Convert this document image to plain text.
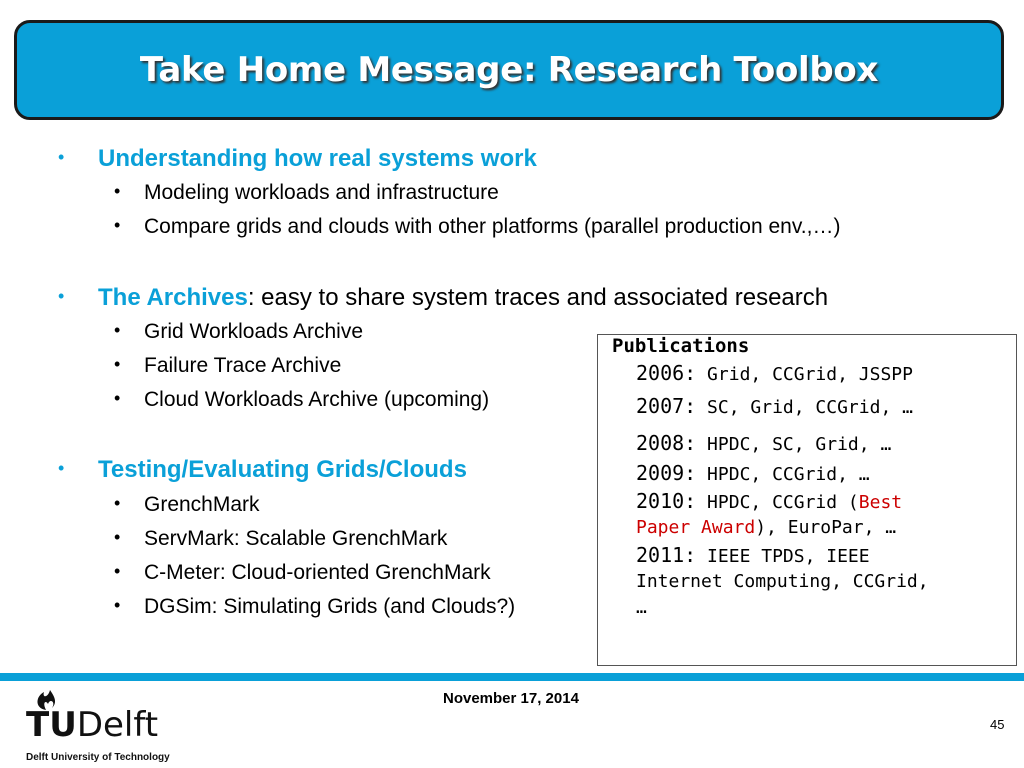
Take Home Message: Research Toolbox
• Understanding how real systems work
• Modeling workloads and infrastructure
• Compare grids and clouds with other platforms (parallel production env.,…)
• The Archives: easy to share system traces and associated research
• Grid Workloads Archive
• Failure Trace Archive
• Cloud Workloads Archive (upcoming)
• Testing/Evaluating Grids/Clouds
• GrenchMark
• ServMark: Scalable GrenchMark
• C-Meter: Cloud-oriented GrenchMark
• DGSim: Simulating Grids (and Clouds?)
Publications
2006: Grid, CCGrid, JSSPP
2007: SC, Grid, CCGrid, …
2008: HPDC, SC, Grid, …
2009: HPDC, CCGrid, …
2010: HPDC, CCGrid (Best
Paper Award), EuroPar, …
2011: IEEE TPDS, IEEE
Internet Computing, CCGrid,
…
November 17, 2014
45
TUDelft
Delft University of Technology
